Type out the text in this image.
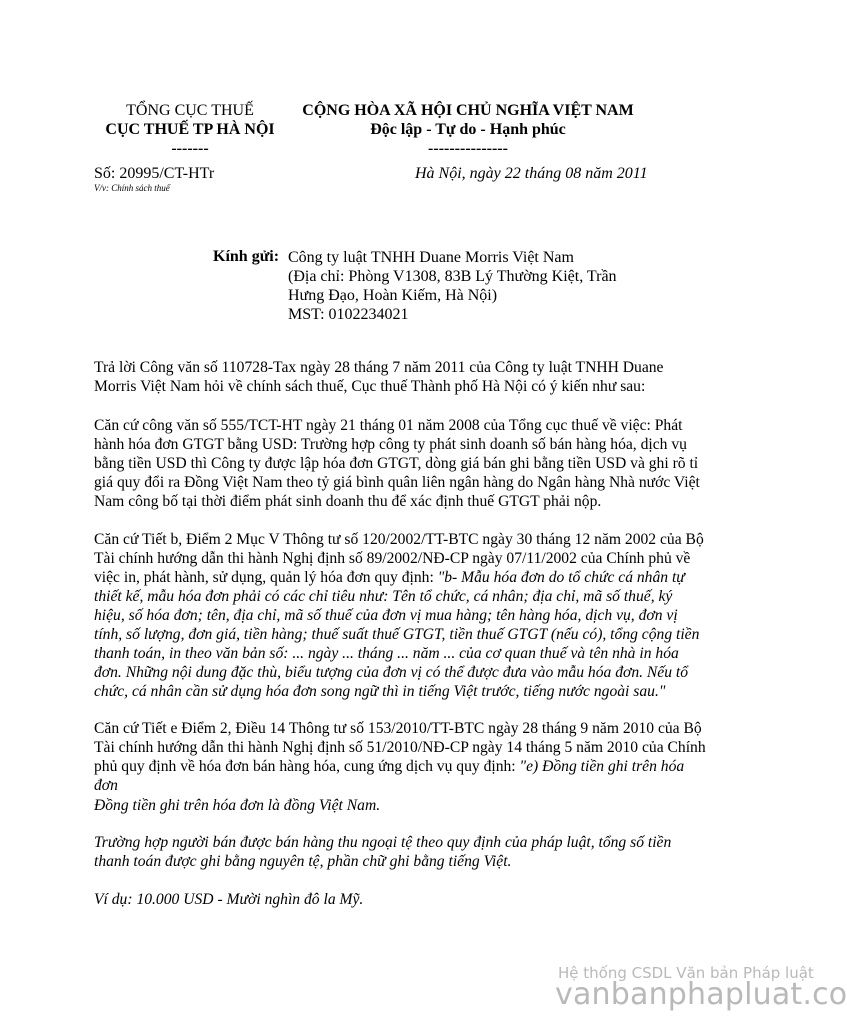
TỔNG CỤC THUẾ
CỤC THUẾ TP HÀ NỘI
-------
CỘNG HÒA XÃ HỘI CHỦ NGHĨA VIỆT NAM
Độc lập - Tự do - Hạnh phúc
---------------
Số: 20995/CT-HTr
V/v: Chính sách thuế
Hà Nội, ngày 22 tháng 08 năm 2011
Kính gửi: Công ty luật TNHH Duane Morris Việt Nam
(Địa chỉ: Phòng V1308, 83B Lý Thường Kiệt, Trần
Hưng Đạo, Hoàn Kiếm, Hà Nội)
MST: 0102234021

Trả lời Công văn số 110728-Tax ngày 28 tháng 7 năm 2011 của Công ty luật TNHH Duane Morris Việt Nam hỏi về chính sách thuế, Cục thuế Thành phố Hà Nội có ý kiến như sau:

Căn cứ công văn số 555/TCT-HT ngày 21 tháng 01 năm 2008 của Tổng cục thuế về việc: Phát hành hóa đơn GTGT bằng USD: Trường hợp công ty phát sinh doanh số bán hàng hóa, dịch vụ bằng tiền USD thì Công ty được lập hóa đơn GTGT, dòng giá bán ghi bằng tiền USD và ghi rõ tỉ giá quy đổi ra Đồng Việt Nam theo tỷ giá bình quân liên ngân hàng do Ngân hàng Nhà nước Việt Nam công bố tại thời điểm phát sinh doanh thu để xác định thuế GTGT phải nộp.

Căn cứ Tiết b, Điểm 2 Mục V Thông tư số 120/2002/TT-BTC ngày 30 tháng 12 năm 2002 của Bộ Tài chính hướng dẫn thi hành Nghị định số 89/2002/NĐ-CP ngày 07/11/2002 của Chính phủ về việc in, phát hành, sử dụng, quản lý hóa đơn quy định: "b- Mẫu hóa đơn do tổ chức cá nhân tự thiết kế, mẫu hóa đơn phải có các chỉ tiêu như: Tên tổ chức, cá nhân; địa chỉ, mã số thuế, ký hiệu, số hóa đơn; tên, địa chỉ, mã số thuế của đơn vị mua hàng; tên hàng hóa, dịch vụ, đơn vị tính, số lượng, đơn giá, tiền hàng; thuế suất thuế GTGT, tiền thuế GTGT (nếu có), tổng cộng tiền thanh toán, in theo văn bản số: ... ngày ... tháng ... năm ... của cơ quan thuế và tên nhà in hóa đơn. Những nội dung đặc thù, biểu tượng của đơn vị có thể được đưa vào mẫu hóa đơn. Nếu tổ chức, cá nhân cần sử dụng hóa đơn song ngữ thì in tiếng Việt trước, tiếng nước ngoài sau."

Căn cứ Tiết e Điểm 2, Điều 14 Thông tư số 153/2010/TT-BTC ngày 28 tháng 9 năm 2010 của Bộ Tài chính hướng dẫn thi hành Nghị định số 51/2010/NĐ-CP ngày 14 tháng 5 năm 2010 của Chính phủ quy định về hóa đơn bán hàng hóa, cung ứng dịch vụ quy định: "e) Đồng tiền ghi trên hóa đơn

Đồng tiền ghi trên hóa đơn là đồng Việt Nam.

Trường hợp người bán được bán hàng thu ngoại tệ theo quy định của pháp luật, tổng số tiền thanh toán được ghi bằng nguyên tệ, phần chữ ghi bằng tiếng Việt.

Ví dụ: 10.000 USD - Mười nghìn đô la Mỹ.

Hệ thống CSDL Văn bản Pháp luật
vanbanphapluat.co
